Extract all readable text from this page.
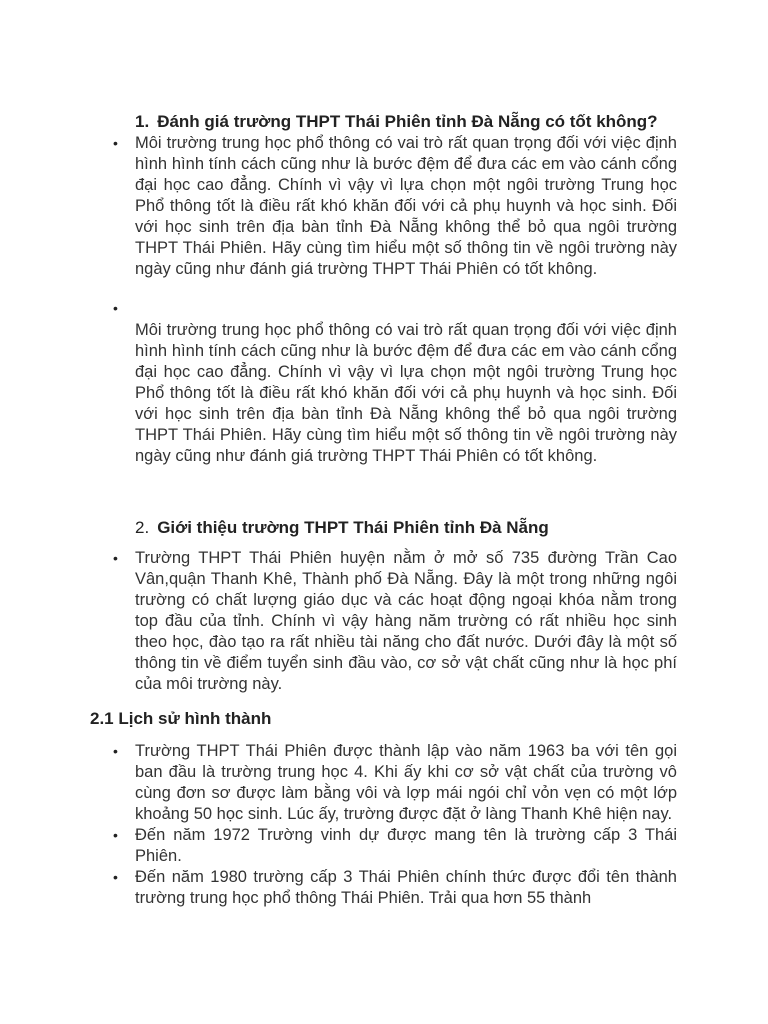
1. Đánh giá trường THPT Thái Phiên tỉnh Đà Nẵng có tốt không?
• Môi trường trung học phổ thông có vai trò rất quan trọng đối với việc định hình hình tính cách cũng như là bước đệm để đưa các em vào cánh cổng đại học cao đẳng. Chính vì vậy vì lựa chọn một ngôi trường Trung học Phổ thông tốt là điều rất khó khăn đối với cả phụ huynh và học sinh. Đối với học sinh trên địa bàn tỉnh Đà Nẵng không thể bỏ qua ngôi trường THPT Thái Phiên. Hãy cùng tìm hiểu một số thông tin về ngôi trường này ngày cũng như đánh giá trường THPT Thái Phiên có tốt không.
•
Môi trường trung học phổ thông có vai trò rất quan trọng đối với việc định hình hình tính cách cũng như là bước đệm để đưa các em vào cánh cổng đại học cao đẳng. Chính vì vậy vì lựa chọn một ngôi trường Trung học Phổ thông tốt là điều rất khó khăn đối với cả phụ huynh và học sinh. Đối với học sinh trên địa bàn tỉnh Đà Nẵng không thể bỏ qua ngôi trường THPT Thái Phiên. Hãy cùng tìm hiểu một số thông tin về ngôi trường này ngày cũng như đánh giá trường THPT Thái Phiên có tốt không.
2. Giới thiệu trường THPT Thái Phiên tỉnh Đà Nẵng
• Trường THPT Thái Phiên huyện nằm ở mở số 735 đường Trần Cao Vân,quận Thanh Khê, Thành phố Đà Nẵng. Đây là một trong những ngôi trường có chất lượng giáo dục và các hoạt động ngoại khóa nằm trong top đầu của tỉnh. Chính vì vậy hàng năm trường có rất nhiều học sinh theo học, đào tạo ra rất nhiều tài năng cho đất nước. Dưới đây là một số thông tin về điểm tuyển sinh đầu vào, cơ sở vật chất cũng như là học phí của môi trường này.
2.1 Lịch sử hình thành
• Trường THPT Thái Phiên được thành lập vào năm 1963 ba với tên gọi ban đầu là trường trung học 4. Khi ấy khi cơ sở vật chất của trường vô cùng đơn sơ được làm bằng vôi và lợp mái ngói chỉ vỏn vẹn có một lớp khoảng 50 học sinh. Lúc ấy, trường được đặt ở làng Thanh Khê hiện nay.
• Đến năm 1972 Trường vinh dự được mang tên là trường cấp 3 Thái Phiên.
• Đến năm 1980 trường cấp 3 Thái Phiên chính thức được đổi tên thành trường trung học phổ thông Thái Phiên. Trải qua hơn 55 thành
